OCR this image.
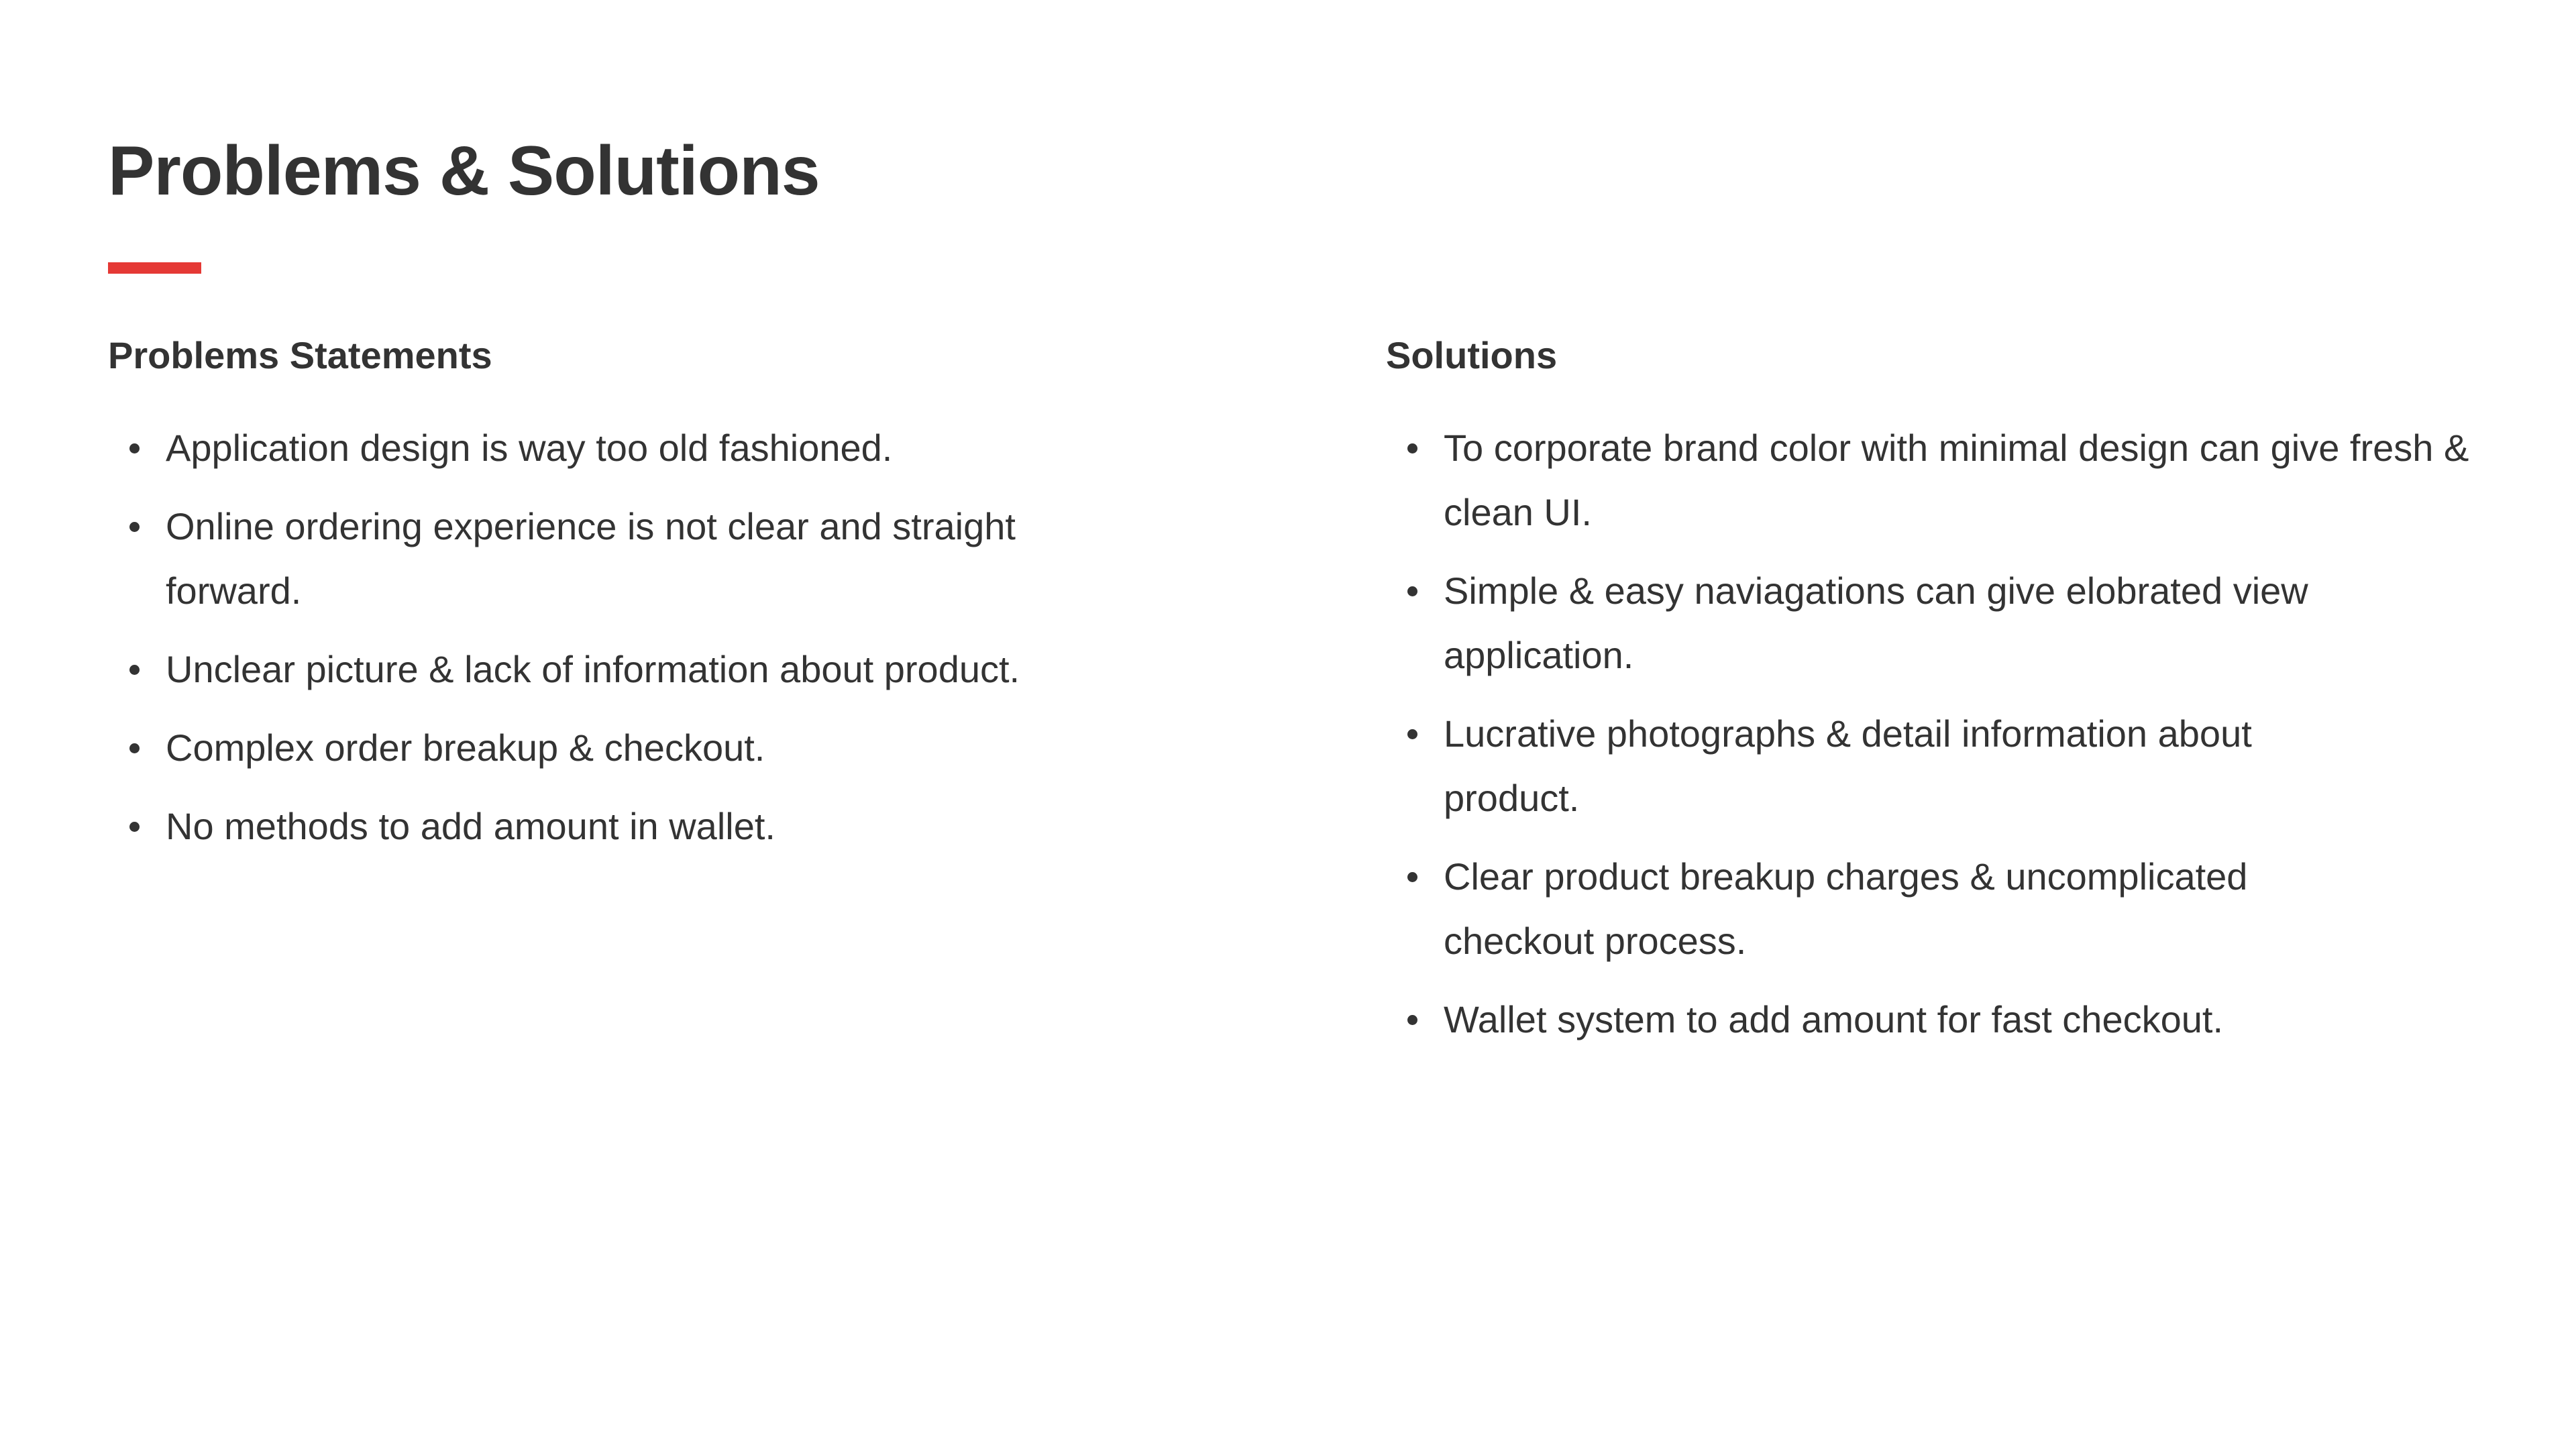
Problems & Solutions
Problems Statements
Application design is way too old fashioned.
Online ordering experience is not clear and straight forward.
Unclear picture & lack of information about product.
Complex order breakup & checkout.
No methods to add amount in wallet.
Solutions
To corporate brand color with minimal design can give fresh & clean UI.
Simple & easy naviagations can give elobrated view application.
Lucrative photographs & detail information about product.
Clear product breakup charges & uncomplicated checkout process.
Wallet system to add amount for fast checkout.
